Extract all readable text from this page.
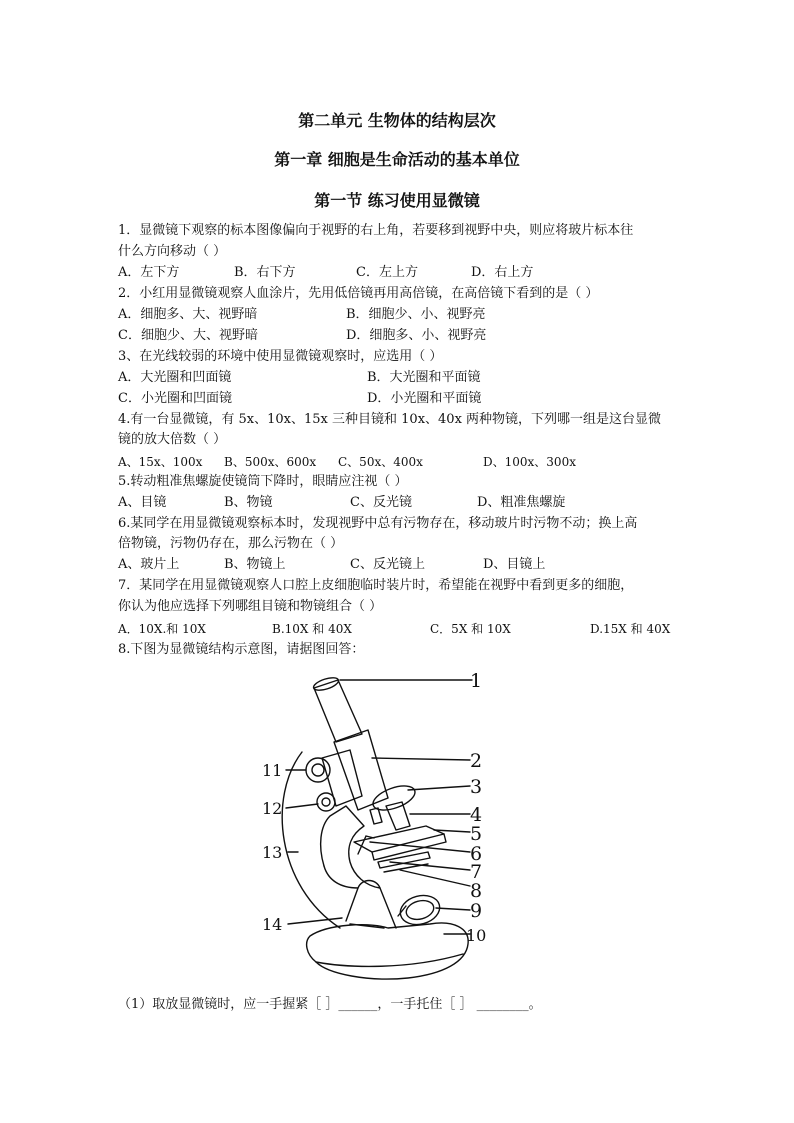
第二单元 生物体的结构层次
第一章 细胞是生命活动的基本单位
第一节 练习使用显微镜
1．显微镜下观察的标本图像偏向于视野的右上角，若要移到视野中央，则应将玻片标本往
什么方向移动（ ）
A．左下方	B．右下方	C．左上方	D．右上方
2．小红用显微镜观察人血涂片，先用低倍镜再用高倍镜，在高倍镜下看到的是（ ）
A．细胞多、大、视野暗	B．细胞少、小、视野亮
C．细胞少、大、视野暗	D．细胞多、小、视野亮
3、在光线较弱的环境中使用显微镜观察时，应选用（ ）
A．大光圈和凹面镜	B．大光圈和平面镜
C．小光圈和凹面镜	D．小光圈和平面镜
4.有一台显微镜，有 5x、10x、15x 三种目镜和 10x、40x 两种物镜，下列哪一组是这台显微
镜的放大倍数（ ）
A、15x、100x B、500x、600x C、50x、400x	D、100x、300x
5.转动粗准焦螺旋使镜筒下降时，眼睛应注视（ ）
A、目镜	B、物镜	C、反光镜	D、粗准焦螺旋
6.某同学在用显微镜观察标本时，发现视野中总有污物存在，移动玻片时污物不动；换上高
倍物镜，污物仍存在，那么污物在（ ）
A、玻片上	B、物镜上	C、反光镜上	D、目镜上
7．某同学在用显微镜观察人口腔上皮细胞临时装片时，希望能在视野中看到更多的细胞，
你认为他应选择下列哪组目镜和物镜组合（ ）
A．10X.和 10X	B.10X 和 40X	C．5X 和 10X	D.15X 和 40X
8.下图为显微镜结构示意图，请据图回答：
1
2
3
4
5
6
7
8
9
10
11
12
13
14
（1）取放显微镜时，应一手握紧［ ］______，一手托住［ ］ ________。
